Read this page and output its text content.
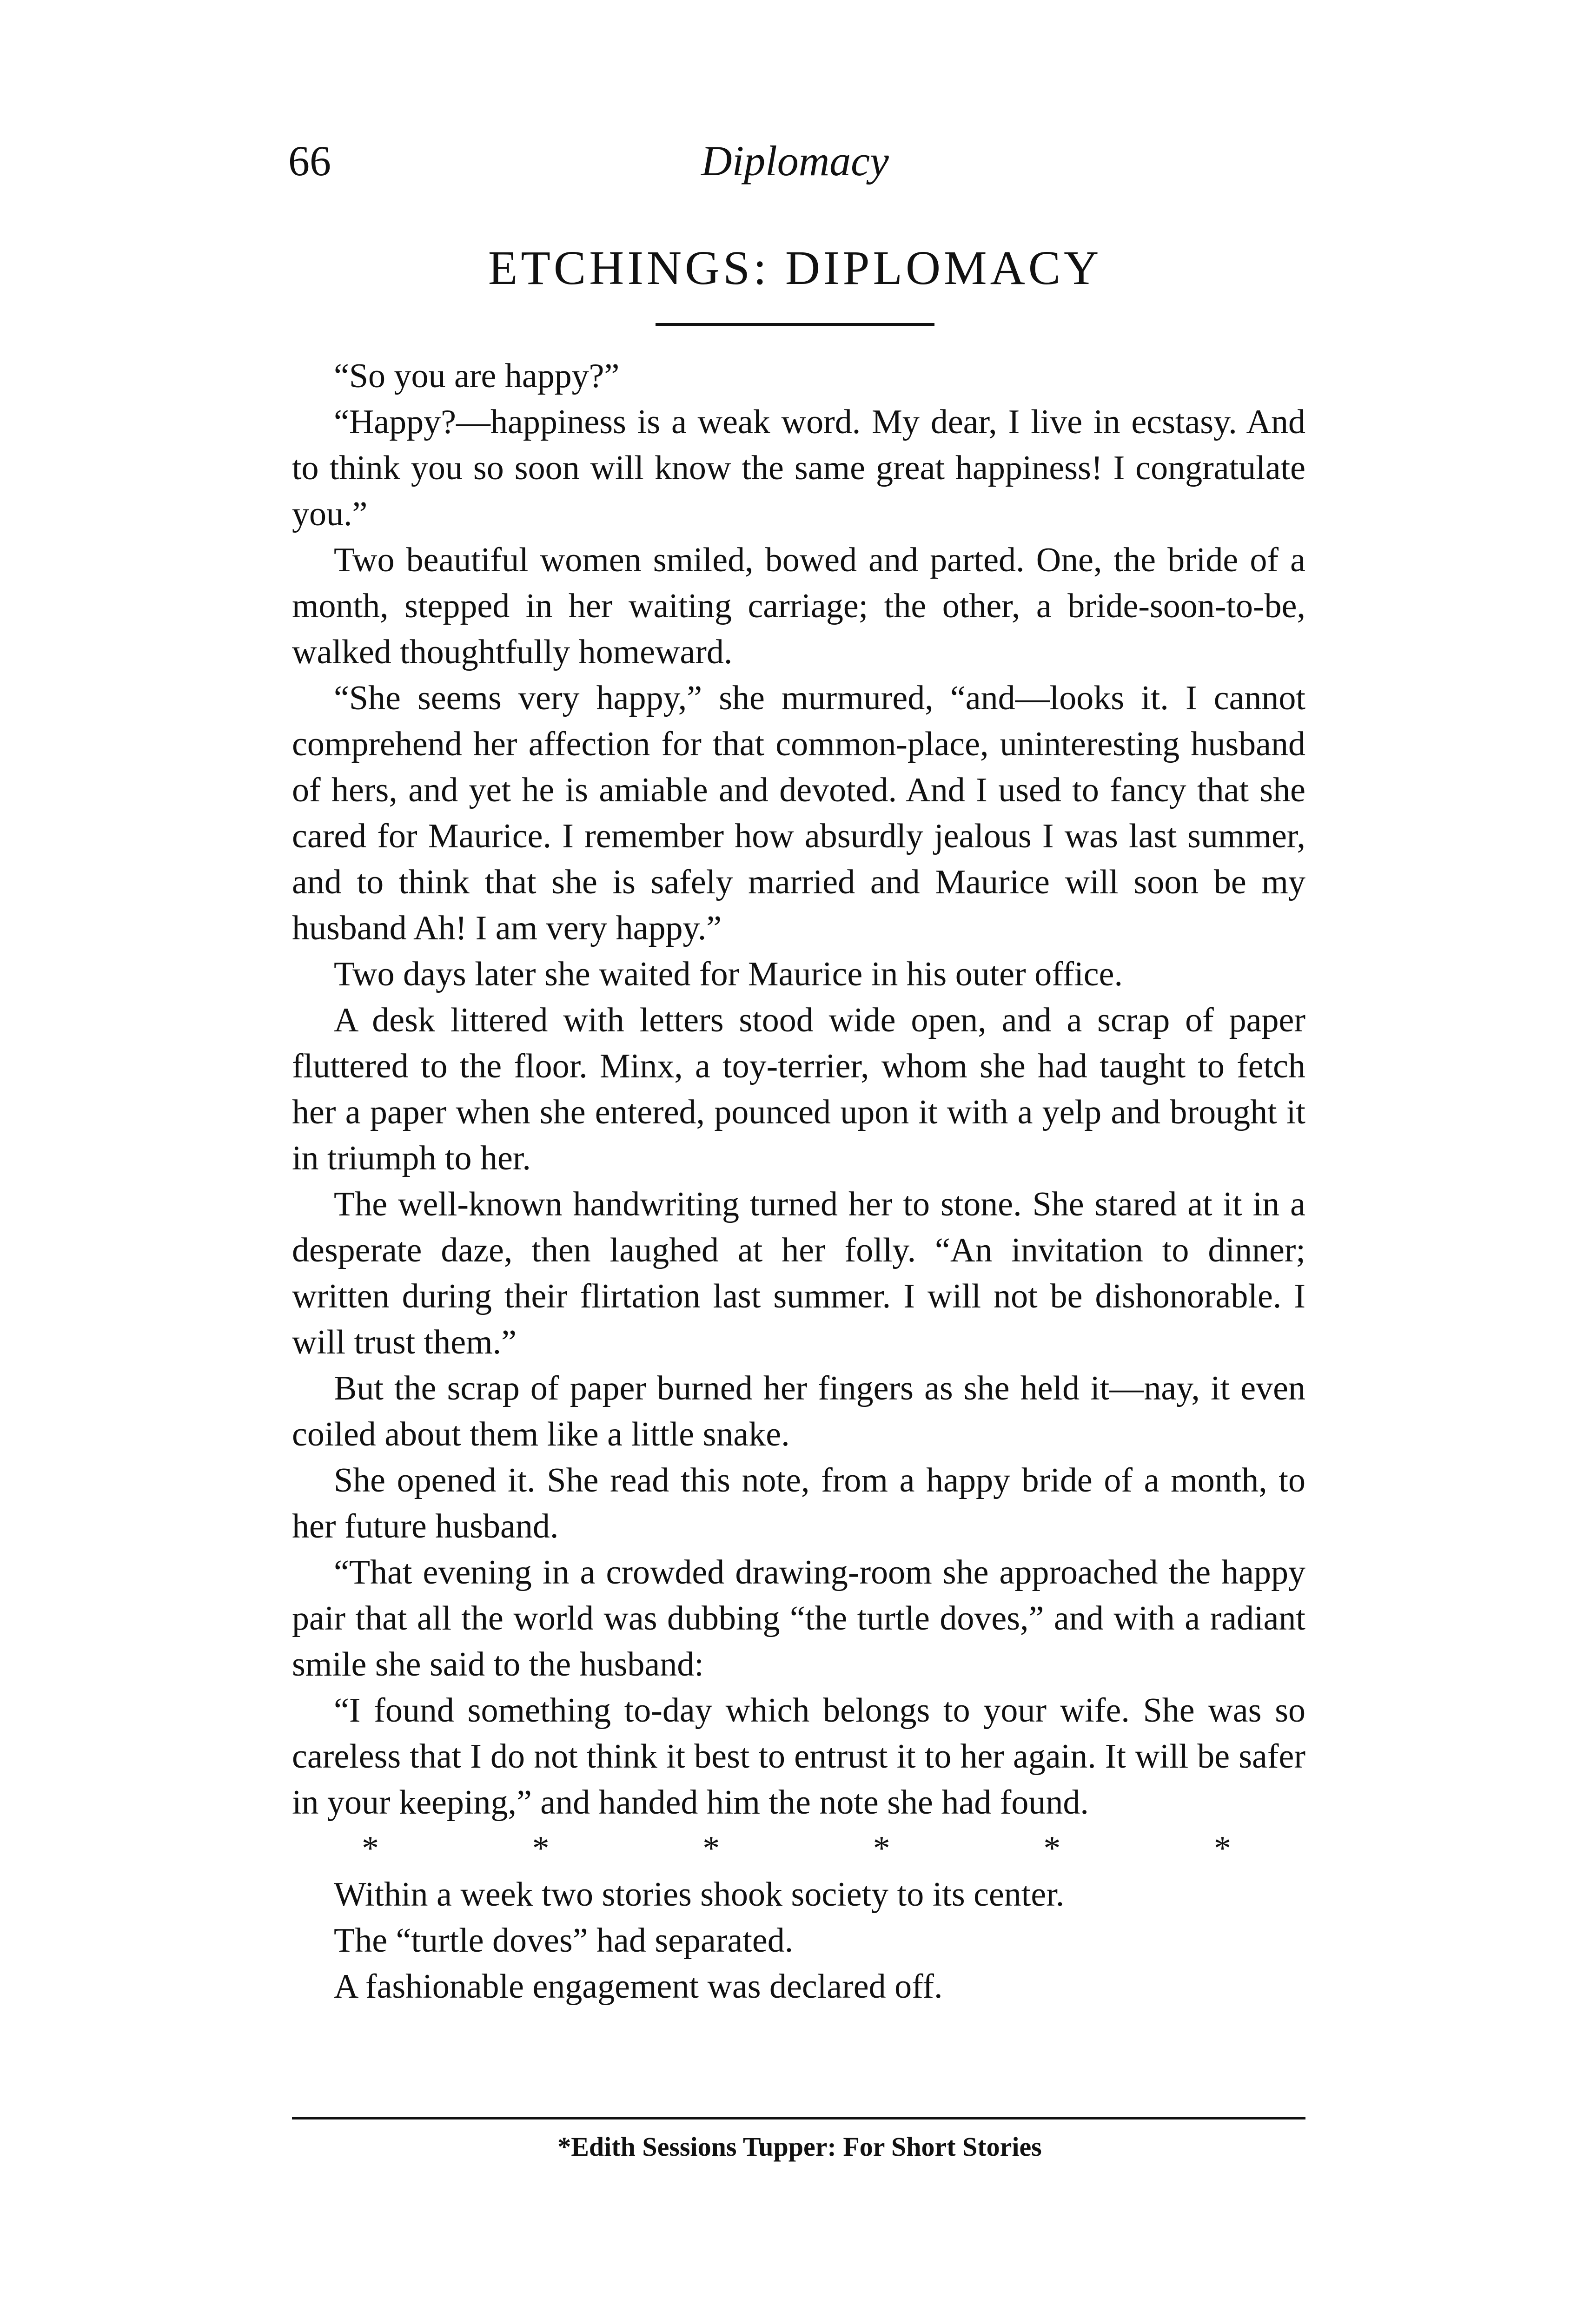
66	Diplomacy
ETCHINGS: DIPLOMACY

“So you are happy?”

“Happy?—happiness is a weak word. My dear, I live in ecstasy. And to think you so soon will know the same great happiness! I congratulate you.”

Two beautiful women smiled, bowed and parted. One, the bride of a month, stepped in her waiting carriage; the other, a bride-soon-to-be, walked thoughtfully homeward.

“She seems very happy,” she murmured, “and—looks it. I cannot comprehend her affection for that common-place, uninteresting husband of hers, and yet he is amiable and devoted. And I used to fancy that she cared for Maurice. I remember how absurdly jealous I was last summer, and to think that she is safely married and Maurice will soon be my husband Ah! I am very happy.”

Two days later she waited for Maurice in his outer office.

A desk littered with letters stood wide open, and a scrap of paper fluttered to the floor. Minx, a toy-terrier, whom she had taught to fetch her a paper when she entered, pounced upon it with a yelp and brought it in triumph to her.

The well-known handwriting turned her to stone. She stared at it in a desperate daze, then laughed at her folly. “An invitation to dinner; written during their flirtation last summer. I will not be dishonorable. I will trust them.”

But the scrap of paper burned her fingers as she held it—nay, it even coiled about them like a little snake.

She opened it. She read this note, from a happy bride of a month, to her future husband.

“That evening in a crowded drawing-room she approached the happy pair that all the world was dubbing “the turtle doves,” and with a radiant smile she said to the husband:

“I found something to-day which belongs to your wife. She was so careless that I do not think it best to entrust it to her again. It will be safer in your keeping,” and handed him the note she had found.

*	*	*	*	*	*

Within a week two stories shook society to its center.

The “turtle doves” had separated.

A fashionable engagement was declared off.

*Edith Sessions Tupper: For Short Stories
